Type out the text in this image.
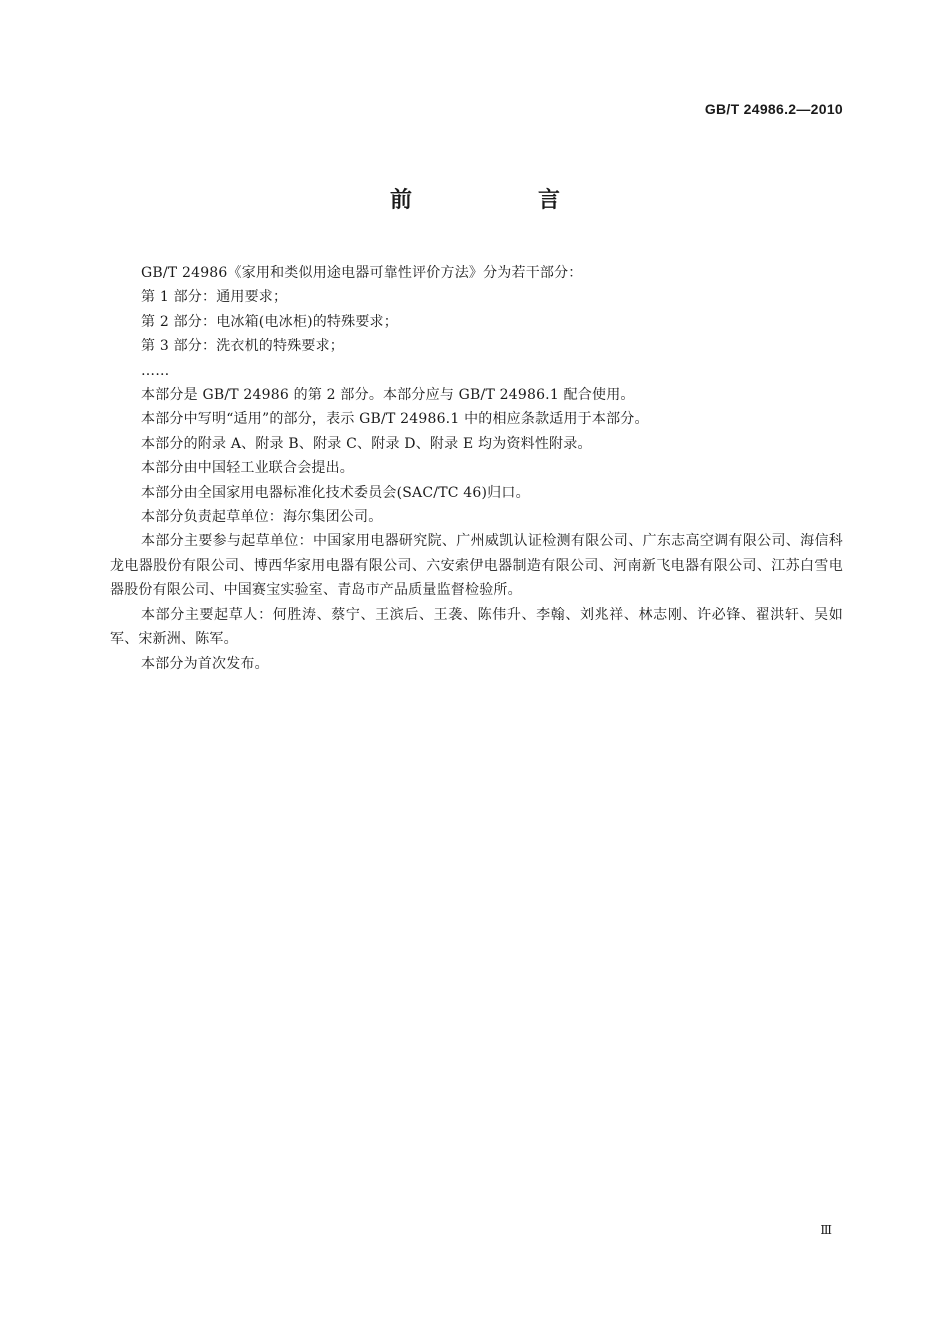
GB/T 24986.2—2010
前　言

GB/T 24986《家用和类似用途电器可靠性评价方法》分为若干部分：

第 1 部分：通用要求；

第 2 部分：电冰箱(电冰柜)的特殊要求；

第 3 部分：洗衣机的特殊要求；

……

本部分是 GB/T 24986 的第 2 部分。本部分应与 GB/T 24986.1 配合使用。

本部分中写明“适用”的部分，表示 GB/T 24986.1 中的相应条款适用于本部分。

本部分的附录 A、附录 B、附录 C、附录 D、附录 E 均为资料性附录。

本部分由中国轻工业联合会提出。

本部分由全国家用电器标准化技术委员会(SAC/TC 46)归口。

本部分负责起草单位：海尔集团公司。

本部分主要参与起草单位：中国家用电器研究院、广州威凯认证检测有限公司、广东志高空调有限公司、海信科龙电器股份有限公司、博西华家用电器有限公司、六安索伊电器制造有限公司、河南新飞电器有限公司、江苏白雪电器股份有限公司、中国赛宝实验室、青岛市产品质量监督检验所。

本部分主要起草人：何胜涛、蔡宁、王滨后、王袭、陈伟升、李翰、刘兆祥、林志刚、许必锋、翟洪轩、吴如军、宋新洲、陈军。

本部分为首次发布。

Ⅲ
